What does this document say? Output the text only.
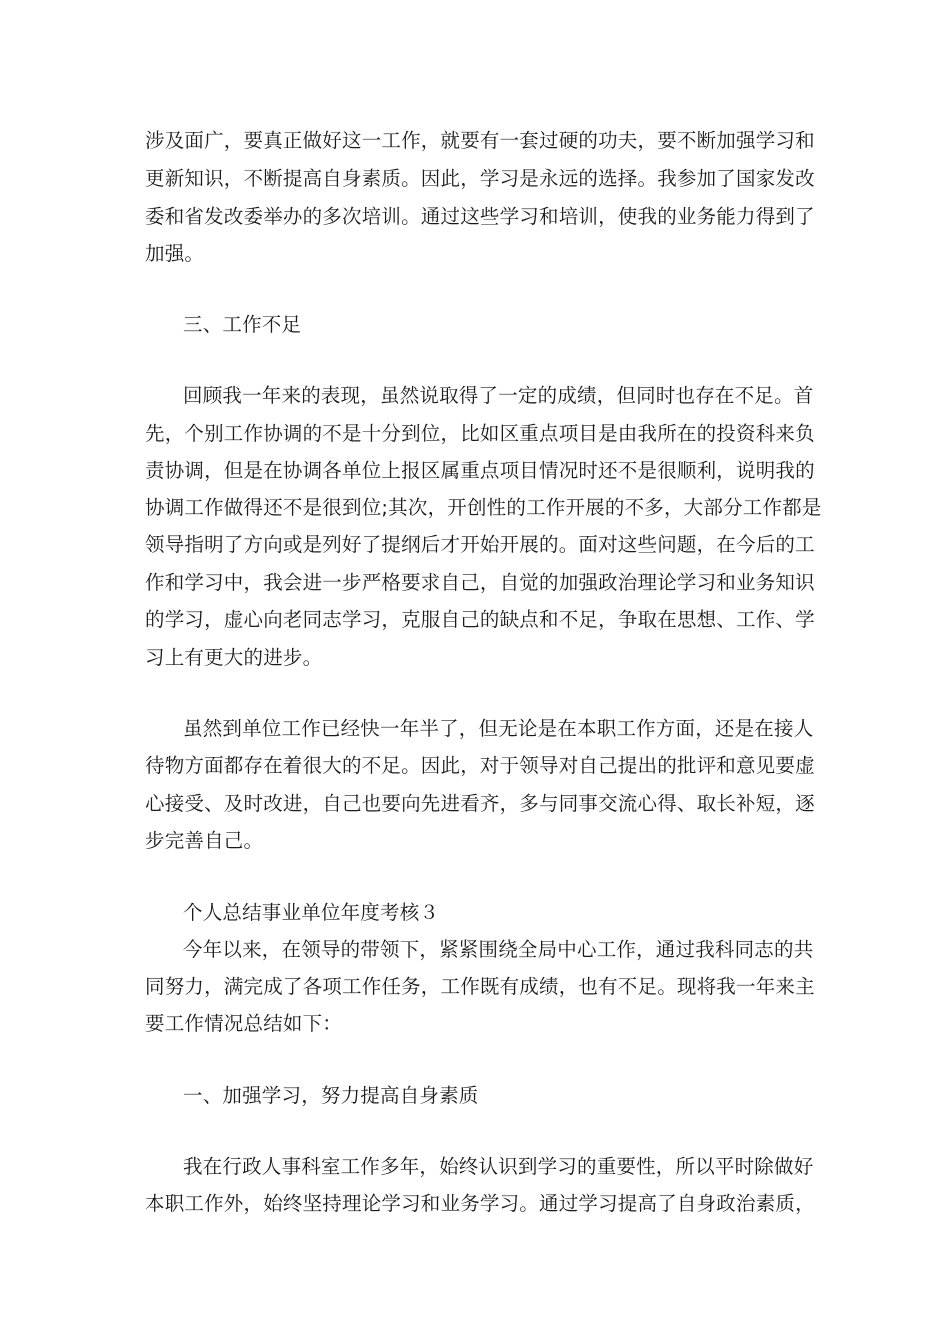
涉及面广，要真正做好这一工作，就要有一套过硬的功夫，要不断加强学习和
更新知识，不断提高自身素质。因此，学习是永远的选择。我参加了国家发改
委和省发改委举办的多次培训。通过这些学习和培训，使我的业务能力得到了
加强。
三、工作不足
回顾我一年来的表现，虽然说取得了一定的成绩，但同时也存在不足。首
先，个别工作协调的不是十分到位，比如区重点项目是由我所在的投资科来负
责协调，但是在协调各单位上报区属重点项目情况时还不是很顺利，说明我的
协调工作做得还不是很到位;其次，开创性的工作开展的不多，大部分工作都是
领导指明了方向或是列好了提纲后才开始开展的。面对这些问题，在今后的工
作和学习中，我会进一步严格要求自己，自觉的加强政治理论学习和业务知识
的学习，虚心向老同志学习，克服自己的缺点和不足，争取在思想、工作、学
习上有更大的进步。
虽然到单位工作已经快一年半了，但无论是在本职工作方面，还是在接人
待物方面都存在着很大的不足。因此，对于领导对自己提出的批评和意见要虚
心接受、及时改进，自己也要向先进看齐，多与同事交流心得、取长补短，逐
步完善自己。
个人总结事业单位年度考核３
今年以来，在领导的带领下，紧紧围绕全局中心工作，通过我科同志的共
同努力，满完成了各项工作任务，工作既有成绩，也有不足。现将我一年来主
要工作情况总结如下：
一、加强学习，努力提高自身素质
我在行政人事科室工作多年，始终认识到学习的重要性，所以平时除做好
本职工作外，始终坚持理论学习和业务学习。通过学习提高了自身政治素质，
